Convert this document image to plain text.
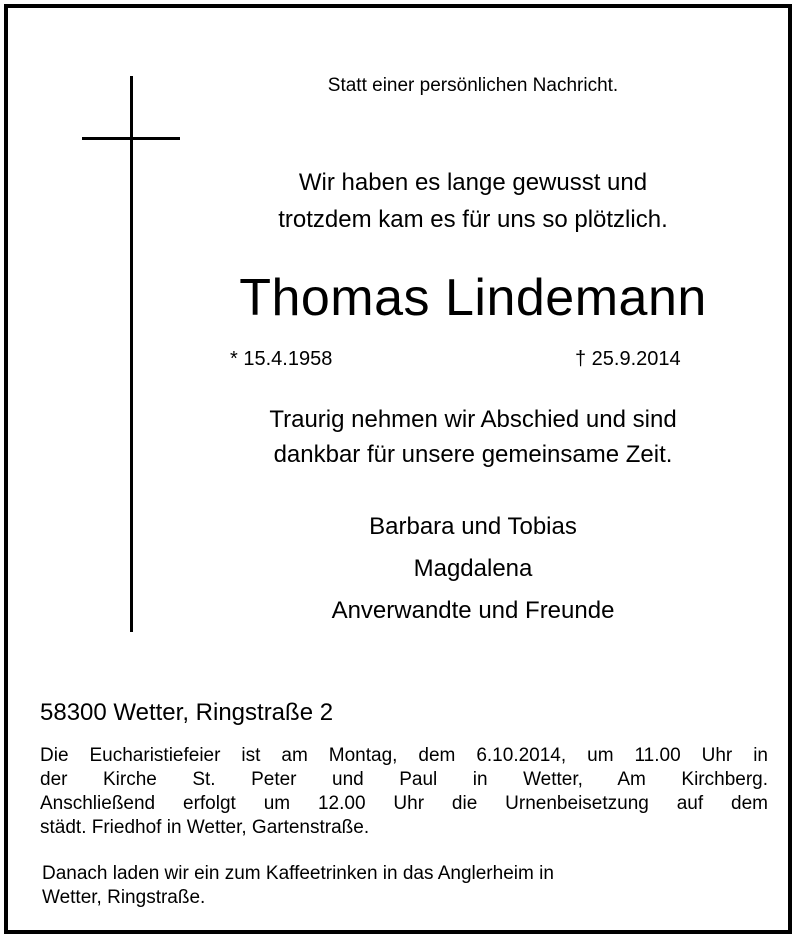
Statt einer persönlichen Nachricht.
Wir haben es lange gewusst und
trotzdem kam es für uns so plötzlich.
Thomas Lindemann
* 15.4.1958	† 25.9.2014
Traurig nehmen wir Abschied und sind
dankbar für unsere gemeinsame Zeit.
Barbara und Tobias
Magdalena
Anverwandte und Freunde
58300 Wetter, Ringstraße 2
Die Eucharistiefeier ist am Montag, dem 6.10.2014, um 11.00 Uhr in
der Kirche St. Peter und Paul in Wetter, Am Kirchberg.
Anschließend erfolgt um 12.00 Uhr die Urnenbeisetzung auf dem
städt. Friedhof in Wetter, Gartenstraße.
Danach laden wir ein zum Kaffeetrinken in das Anglerheim in
Wetter, Ringstraße.
